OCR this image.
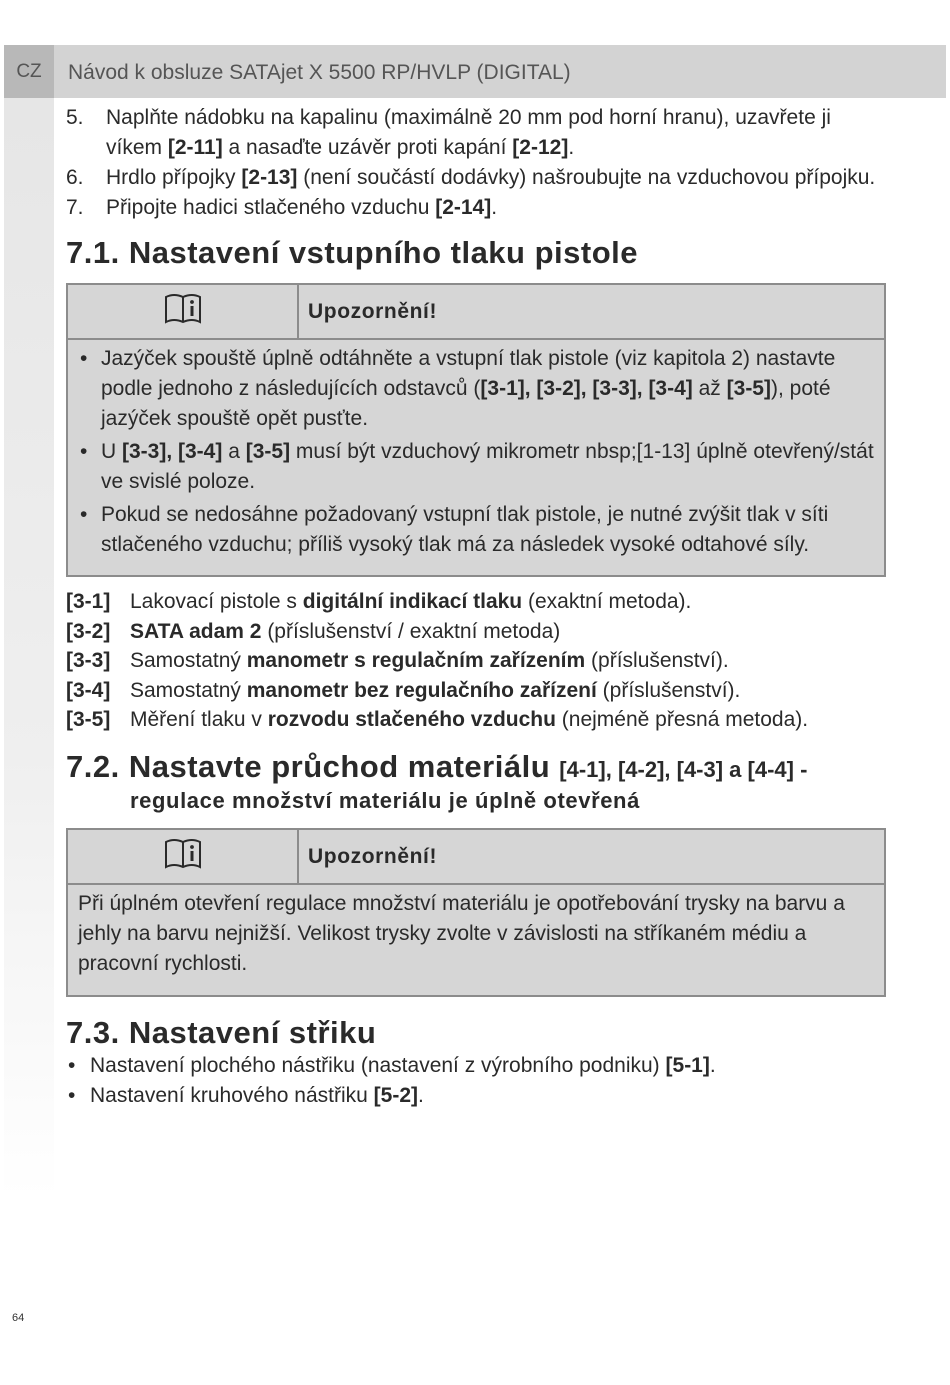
CZ	Návod k obsluze SATAjet X 5500 RP/HVLP (DIGITAL)
5. Naplňte nádobku na kapalinu (maximálně 20 mm pod horní hranu), uzavřete ji víkem [2-11] a nasaďte uzávěr proti kapání [2-12].
6. Hrdlo přípojky [2-13] (není součástí dodávky) našroubujte na vzduchovou přípojku.
7. Připojte hadici stlačeného vzduchu [2-14].
7.1. Nastavení vstupního tlaku pistole
Upozornění!
• Jazýček spouště úplně odtáhněte a vstupní tlak pistole (viz kapitola 2) nastavte podle jednoho z následujících odstavců ([3-1], [3-2], [3-3], [3-4] až [3-5]), poté jazýček spouště opět pusťte.
• U [3-3], [3-4] a [3-5] musí být vzduchový mikrometr nbsp;[1-13] úplně otevřený/stát ve svislé poloze.
• Pokud se nedosáhne požadovaný vstupní tlak pistole, je nutné zvýšit tlak v síti stlačeného vzduchu; příliš vysoký tlak má za následek vysoké odtahové síly.
[3-1] Lakovací pistole s digitální indikací tlaku (exaktní metoda).
[3-2] SATA adam 2 (příslušenství / exaktní metoda)
[3-3] Samostatný manometr s regulačním zařízením (příslušenství).
[3-4] Samostatný manometr bez regulačního zařízení (příslušenství).
[3-5] Měření tlaku v rozvodu stlačeného vzduchu (nejméně přesná metoda).
7.2. Nastavte průchod materiálu [4-1], [4-2], [4-3] a [4-4] -

regulace množství materiálu je úplně otevřená

Upozornění!

Při úplném otevření regulace množství materiálu je opotřebování trysky na barvu a jehly na barvu nejnižší. Velikost trysky zvolte v závislosti na stříkaném médiu a pracovní rychlosti.

7.3. Nastavení střiku
• Nastavení plochého nástřiku (nastavení z výrobního podniku) [5-1].
• Nastavení kruhového nástřiku [5-2].
64
